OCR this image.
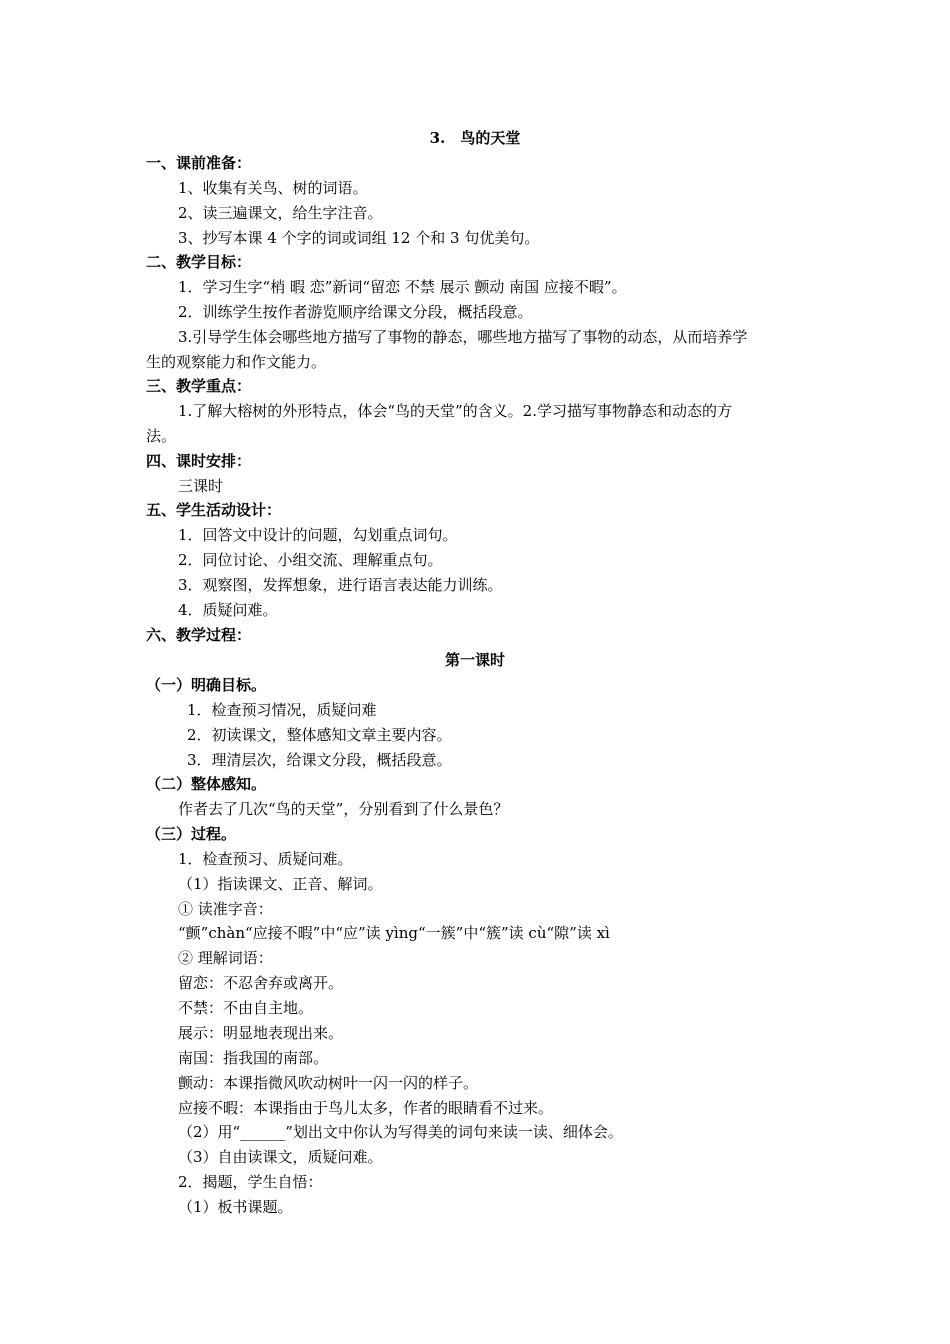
3.　鸟的天堂
一、课前准备：
1、收集有关鸟、树的词语。
2、读三遍课文，给生字注音。
3、抄写本课 4 个字的词或词组 12 个和 3 句优美句。
二、教学目标：
1．学习生字“梢 暇 恋”新词“留恋 不禁 展示 颤动 南国 应接不暇”。
2．训练学生按作者游览顺序给课文分段，概括段意。
3.引导学生体会哪些地方描写了事物的静态，哪些地方描写了事物的动态，从而培养学
生的观察能力和作文能力。
三、教学重点：
1.了解大榕树的外形特点，体会“鸟的天堂”的含义。2.学习描写事物静态和动态的方
法。
四、课时安排：
三课时
五、学生活动设计：
1．回答文中设计的问题，勾划重点词句。
2．同位讨论、小组交流、理解重点句。
3．观察图，发挥想象，进行语言表达能力训练。
4．质疑问难。
六、教学过程：
第一课时
（一）明确目标。
1．检查预习情况，质疑问难
2．初读课文，整体感知文章主要内容。
3．理清层次，给课文分段，概括段意。
（二）整体感知。
作者去了几次“鸟的天堂”，分别看到了什么景色？
（三）过程。
1．检查预习、质疑问难。
（1）指读课文、正音、解词。
① 读准字音：
“颤”chàn“应接不暇”中“应”读 yìng“一簇”中“簇”读 cù“隙”读 xì
② 理解词语：
留恋：不忍舍弃或离开。
不禁：不由自主地。
展示：明显地表现出来。
南国：指我国的南部。
颤动：本课指微风吹动树叶一闪一闪的样子。
应接不暇：本课指由于鸟儿太多，作者的眼睛看不过来。
（2）用“______”划出文中你认为写得美的词句来读一读、细体会。
（3）自由读课文，质疑问难。
2．揭题，学生自悟：
（1）板书课题。
